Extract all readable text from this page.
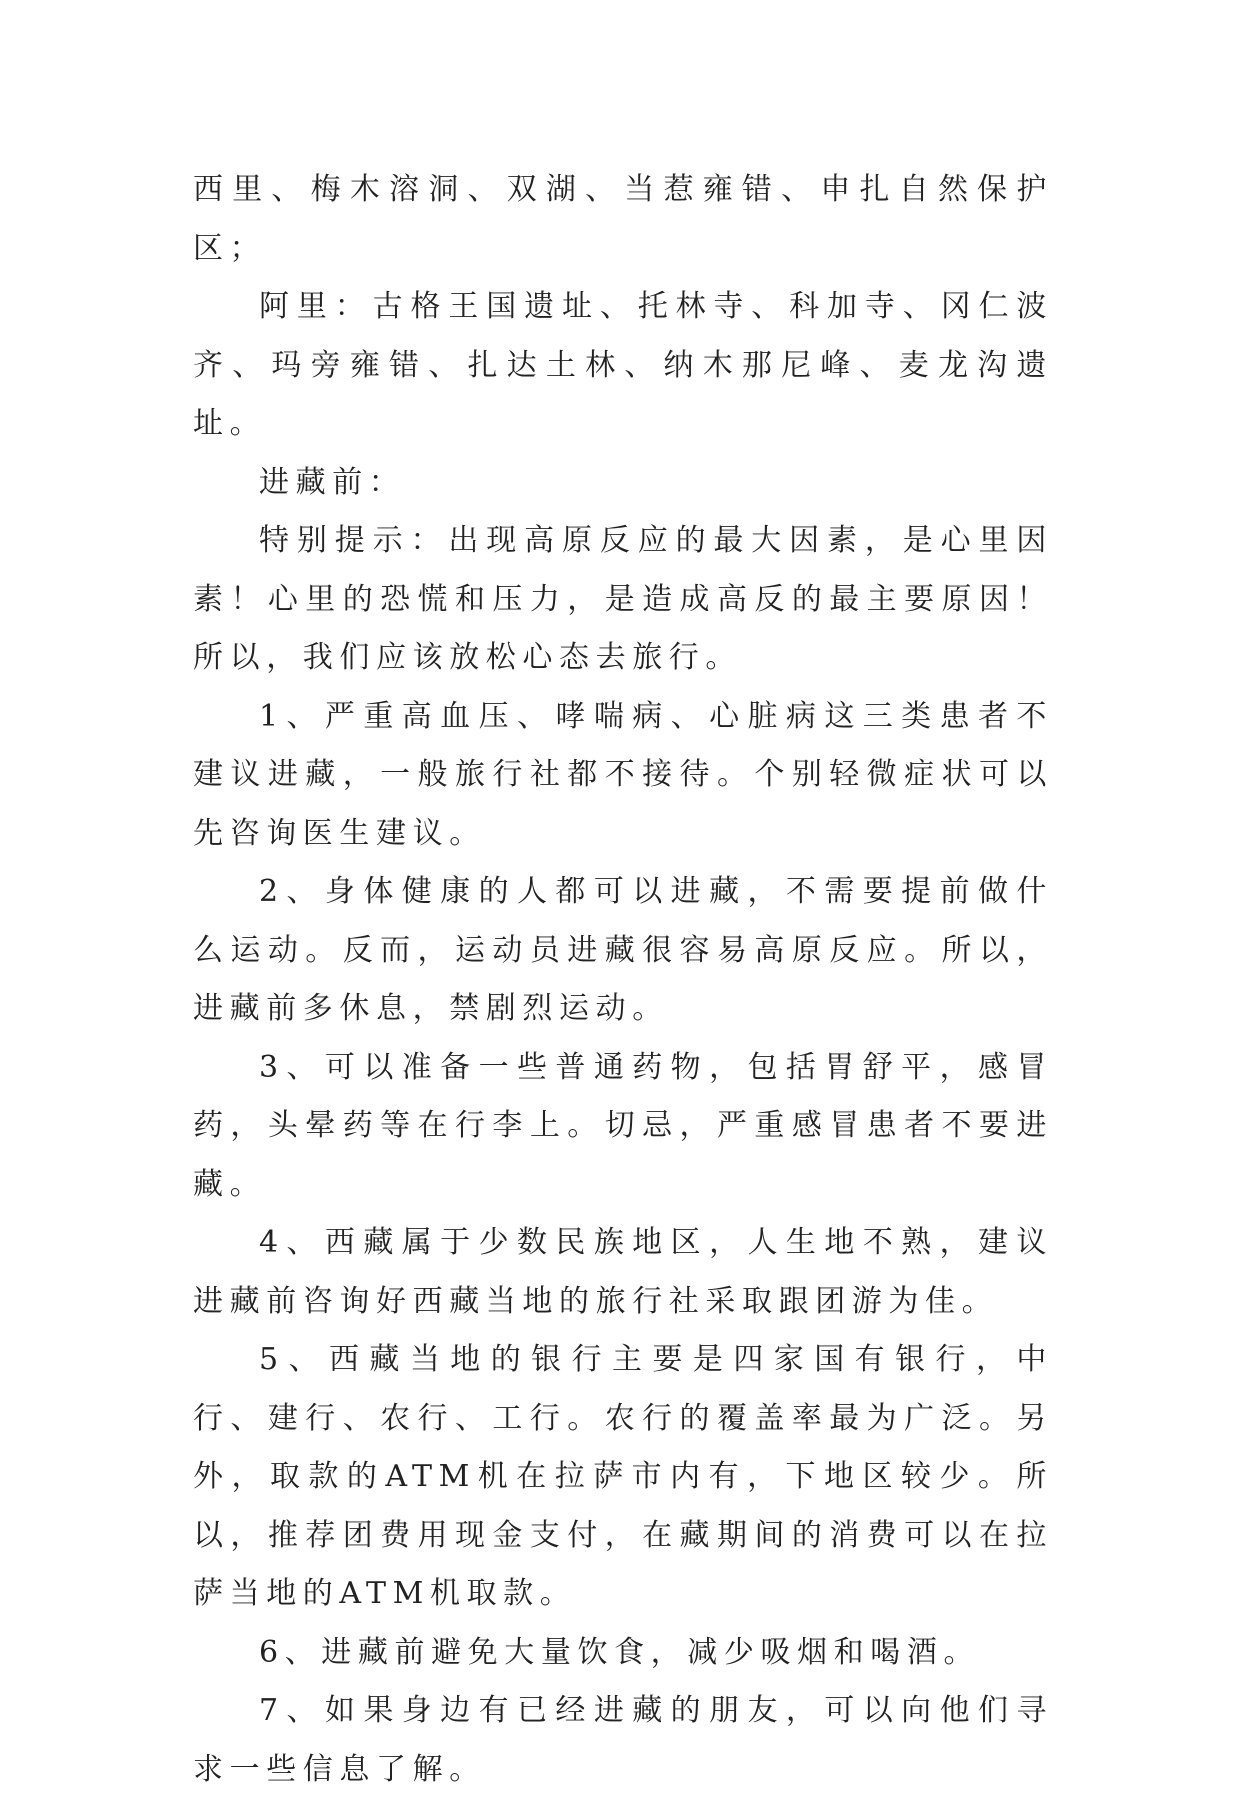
西里、梅木溶洞、双湖、当惹雍错、申扎自然保护区；

阿里：古格王国遗址、托林寺、科加寺、冈仁波齐、玛旁雍错、扎达土林、纳木那尼峰、麦龙沟遗址。

进藏前：

特别提示：出现高原反应的最大因素，是心里因素！心里的恐慌和压力，是造成高反的最主要原因！所以，我们应该放松心态去旅行。

1、严重高血压、哮喘病、心脏病这三类患者不建议进藏，一般旅行社都不接待。个别轻微症状可以先咨询医生建议。

2、身体健康的人都可以进藏，不需要提前做什么运动。反而，运动员进藏很容易高原反应。所以，进藏前多休息，禁剧烈运动。

3、可以准备一些普通药物，包括胃舒平，感冒药，头晕药等在行李上。切忌，严重感冒患者不要进藏。

4、西藏属于少数民族地区，人生地不熟，建议进藏前咨询好西藏当地的旅行社采取跟团游为佳。

5、西藏当地的银行主要是四家国有银行，中行、建行、农行、工行。农行的覆盖率最为广泛。另外，取款的ATM机在拉萨市内有，下地区较少。所以，推荐团费用现金支付，在藏期间的消费可以在拉萨当地的ATM机取款。

6、进藏前避免大量饮食，减少吸烟和喝酒。

7、如果身边有已经进藏的朋友，可以向他们寻求一些信息了解。
